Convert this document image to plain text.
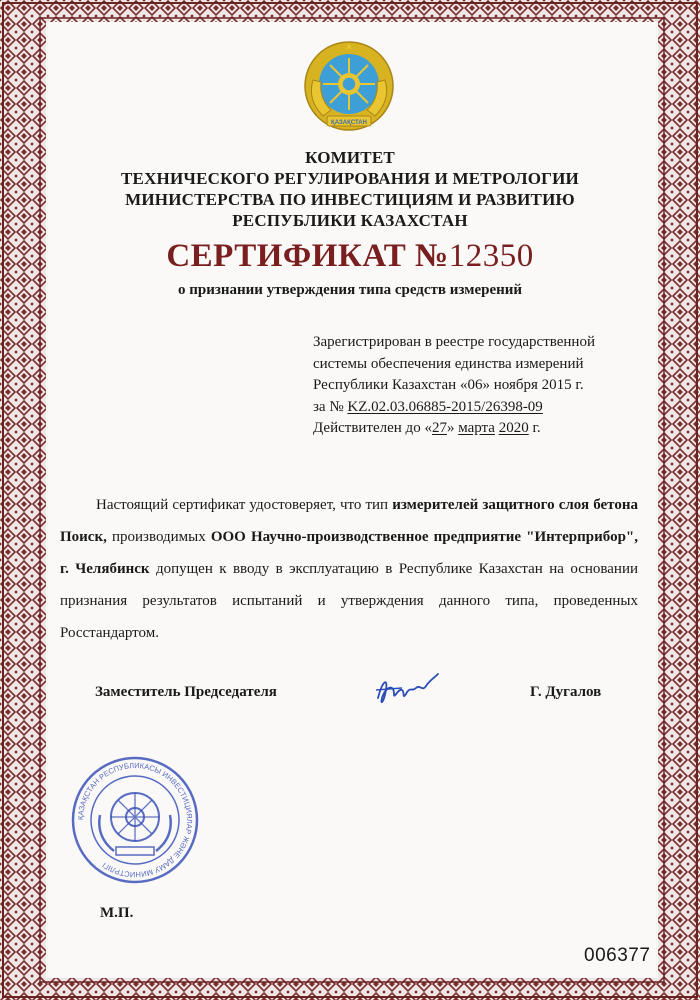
ҚАЗАҚСТАН
КОМИТЕТ
ТЕХНИЧЕСКОГО РЕГУЛИРОВАНИЯ И МЕТРОЛОГИИ
МИНИСТЕРСТВА ПО ИНВЕСТИЦИЯМ И РАЗВИТИЮ
РЕСПУБЛИКИ КАЗАХСТАН
СЕРТИФИКАТ №12350
о признании утверждения типа средств измерений
Зарегистрирован в реестре государственной
системы обеспечения единства измерений
Республики Казахстан «06» ноября 2015 г.
за № KZ.02.03.06885-2015/26398-09
Действителен до «27» марта 2020 г.
Настоящий сертификат удостоверяет, что тип измерителей защитного слоя бетона Поиск, производимых ООО Научно-производственное предприятие "Интерприбор", г. Челябинск допущен к вводу в эксплуатацию в Республике Казахстан на основании признания результатов испытаний и утверждения данного типа, проведенных Росстандартом.
Заместитель Председателя	Г. Дугалов
ҚАЗАҚСТАН РЕСПУБЛИКАСЫ ИНВЕСТИЦИЯЛАР ЖӘНЕ ДАМУ МИНИСТРЛІГІ
М.П.
006377
